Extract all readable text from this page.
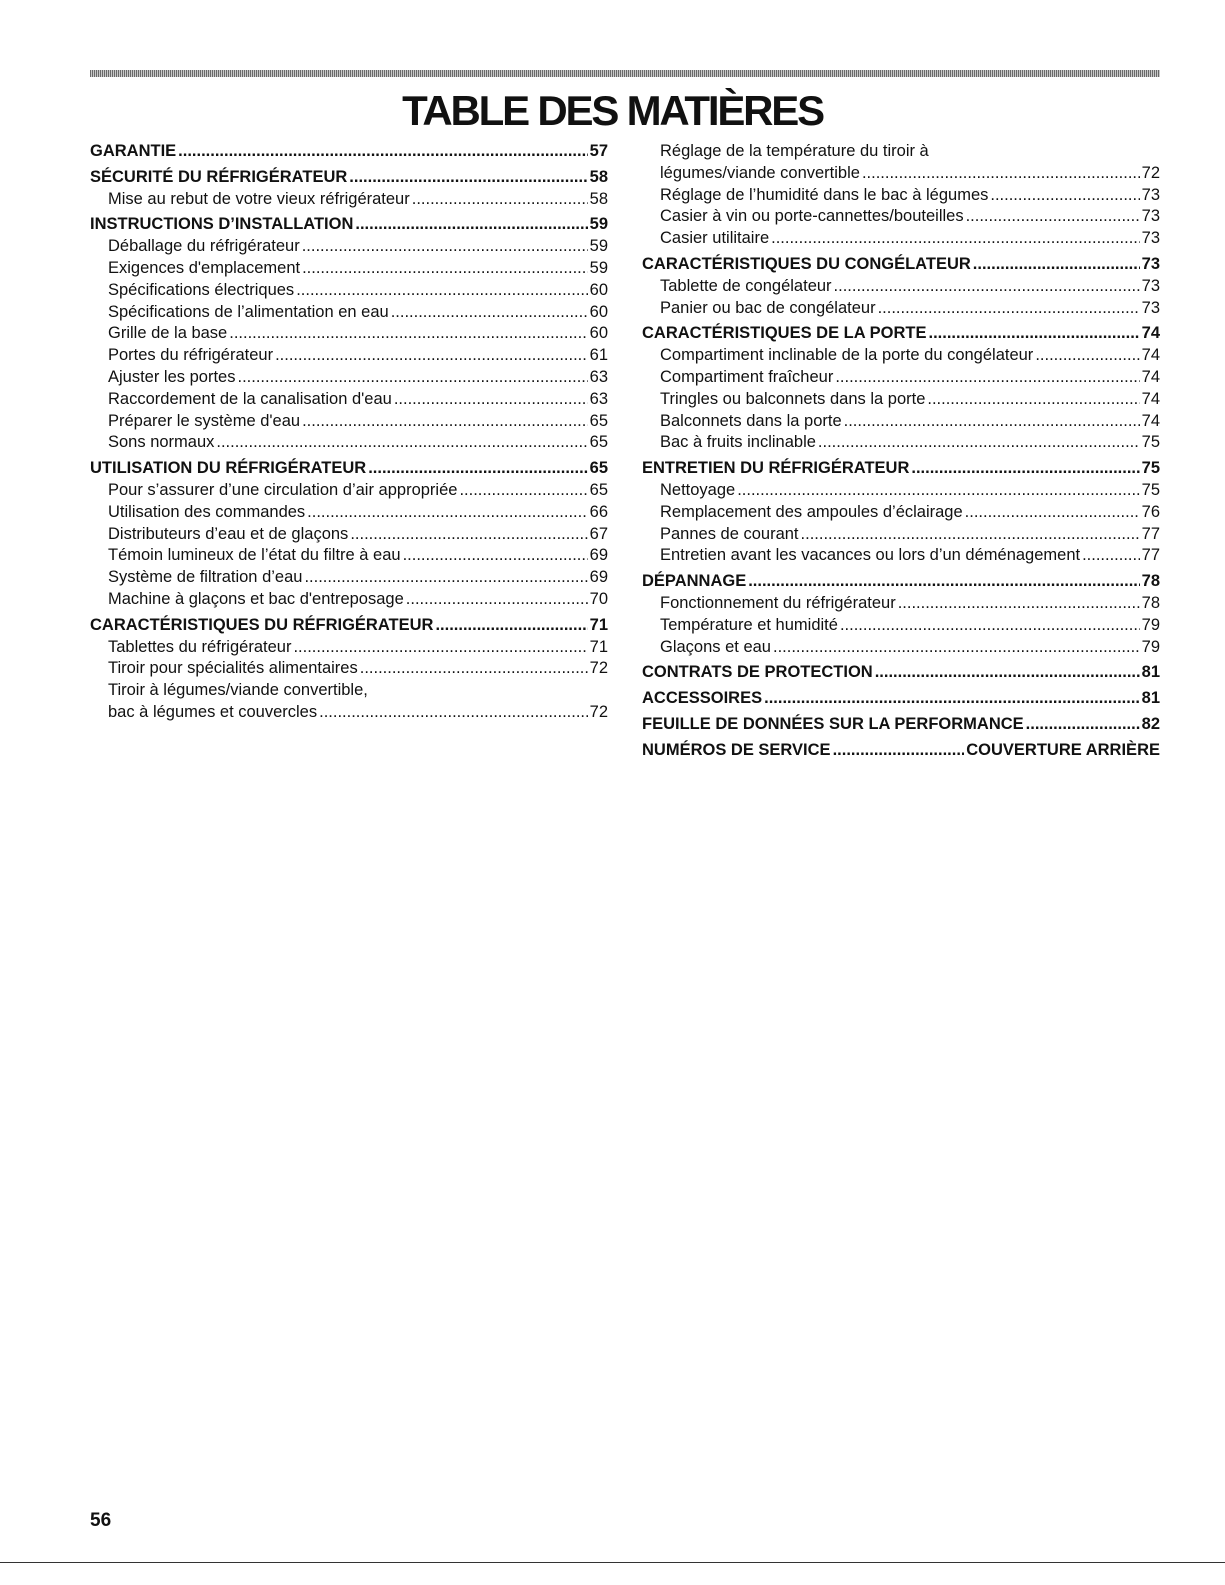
TABLE DES MATIÈRES
GARANTIE .....	57
SÉCURITÉ DU RÉFRIGÉRATEUR .....	58
Mise au rebut de votre vieux réfrigérateur .....	58
INSTRUCTIONS D’INSTALLATION .....	59
Déballage du réfrigérateur .....	59
Exigences d'emplacement .....	59
Spécifications électriques .....	60
Spécifications de l’alimentation en eau .....	60
Grille de la base .....	60
Portes du réfrigérateur .....	61
Ajuster les portes .....	63
Raccordement de la canalisation d'eau .....	63
Préparer le système d'eau .....	65
Sons normaux .....	65
UTILISATION DU RÉFRIGÉRATEUR .....	65
Pour s’assurer d’une circulation d’air appropriée .....	65
Utilisation des commandes .....	66
Distributeurs d’eau et de glaçons .....	67
Témoin lumineux de l’état du filtre à eau .....	69
Système de filtration d’eau .....	69
Machine à glaçons et bac d'entreposage .....	70
CARACTÉRISTIQUES DU RÉFRIGÉRATEUR .....	71
Tablettes du réfrigérateur .....	71
Tiroir pour spécialités alimentaires .....	72
Tiroir à légumes/viande convertible,
bac à légumes et couvercles .....	72
Réglage de la température du tiroir à
légumes/viande convertible .....	72
Réglage de l’humidité dans le bac à légumes .....	73
Casier à vin ou porte-cannettes/bouteilles .....	73
Casier utilitaire .....	73
CARACTÉRISTIQUES DU CONGÉLATEUR .....	73
Tablette de congélateur .....	73
Panier ou bac de congélateur .....	73
CARACTÉRISTIQUES DE LA PORTE .....	74
Compartiment inclinable de la porte du congélateur .....	74
Compartiment fraîcheur .....	74
Tringles ou balconnets dans la porte .....	74
Balconnets dans la porte .....	74
Bac à fruits inclinable .....	75
ENTRETIEN DU RÉFRIGÉRATEUR .....	75
Nettoyage .....	75
Remplacement des ampoules d’éclairage .....	76
Pannes de courant .....	77
Entretien avant les vacances ou lors d’un déménagement .....	77
DÉPANNAGE .....	78
Fonctionnement du réfrigérateur .....	78
Température et humidité .....	79
Glaçons et eau .....	79
CONTRATS DE PROTECTION .....	81
ACCESSOIRES .....	81
FEUILLE DE DONNÉES SUR LA PERFORMANCE .....	82
NUMÉROS DE SERVICE .....	COUVERTURE ARRIÈRE
56
